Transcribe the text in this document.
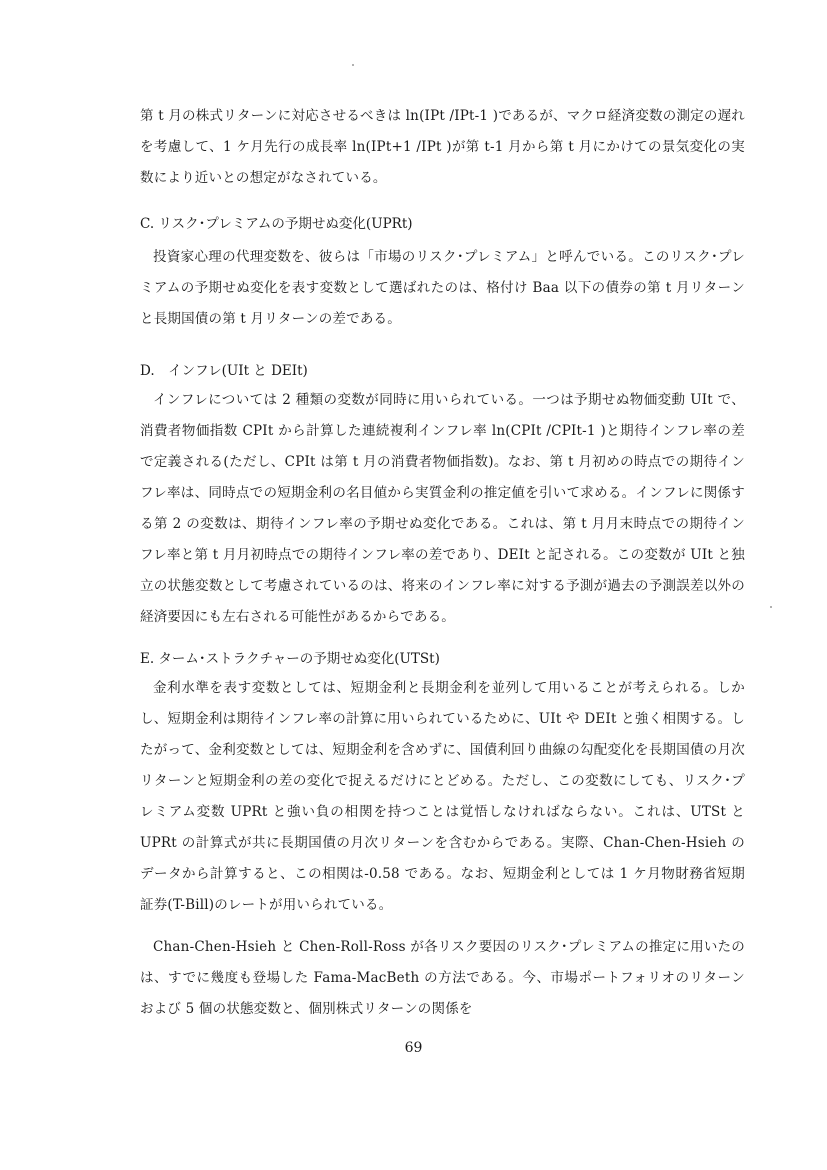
第 t 月の株式リターンに対応させるべきは ln(IPt /IPt-1 )であるが、マクロ経済変数の測定の遅れを考慮して、1 ケ月先行の成長率 ln(IPt+1 /IPt )が第 t-1 月から第 t 月にかけての景気変化の実数により近いとの想定がなされている。

C. リスク･プレミアムの予期せぬ変化(UPRt)

投資家心理の代理変数を、彼らは「市場のリスク･プレミアム」と呼んでいる。このリスク･プレミアムの予期せぬ変化を表す変数として選ばれたのは、格付け Baa 以下の債券の第 t 月リターンと長期国債の第 t 月リターンの差である。

D.　インフレ(UIt と DEIt)

インフレについては 2 種類の変数が同時に用いられている。一つは予期せぬ物価変動 UIt で、消費者物価指数 CPIt から計算した連続複利インフレ率 ln(CPIt /CPIt-1 )と期待インフレ率の差で定義される(ただし、CPIt は第 t 月の消費者物価指数)。なお、第 t 月初めの時点での期待インフレ率は、同時点での短期金利の名目値から実質金利の推定値を引いて求める。インフレに関係する第 2 の変数は、期待インフレ率の予期せぬ変化である。これは、第 t 月月末時点での期待インフレ率と第 t 月月初時点での期待インフレ率の差であり、DEIt と記される。この変数が UIt と独立の状態変数として考慮されているのは、将来のインフレ率に対する予測が過去の予測誤差以外の経済要因にも左右される可能性があるからである。

E. ターム･ストラクチャーの予期せぬ変化(UTSt)

金利水準を表す変数としては、短期金利と長期金利を並列して用いることが考えられる。しかし、短期金利は期待インフレ率の計算に用いられているために、UIt や DEIt と強く相関する。したがって、金利変数としては、短期金利を含めずに、国債利回り曲線の勾配変化を長期国債の月次リターンと短期金利の差の変化で捉えるだけにとどめる。ただし、この変数にしても、リスク･プレミアム変数 UPRt と強い負の相関を持つことは覚悟しなければならない。これは、UTSt と UPRt の計算式が共に長期国債の月次リターンを含むからである。実際、Chan-Chen-Hsieh のデータから計算すると、この相関は-0.58 である。なお、短期金利としては 1 ケ月物財務省短期証券(T-Bill)のレートが用いられている。

Chan-Chen-Hsieh と Chen-Roll-Ross が各リスク要因のリスク･プレミアムの推定に用いたのは、すでに幾度も登場した Fama-MacBeth の方法である。今、市場ポートフォリオのリターンおよび 5 個の状態変数と、個別株式リターンの関係を

69
